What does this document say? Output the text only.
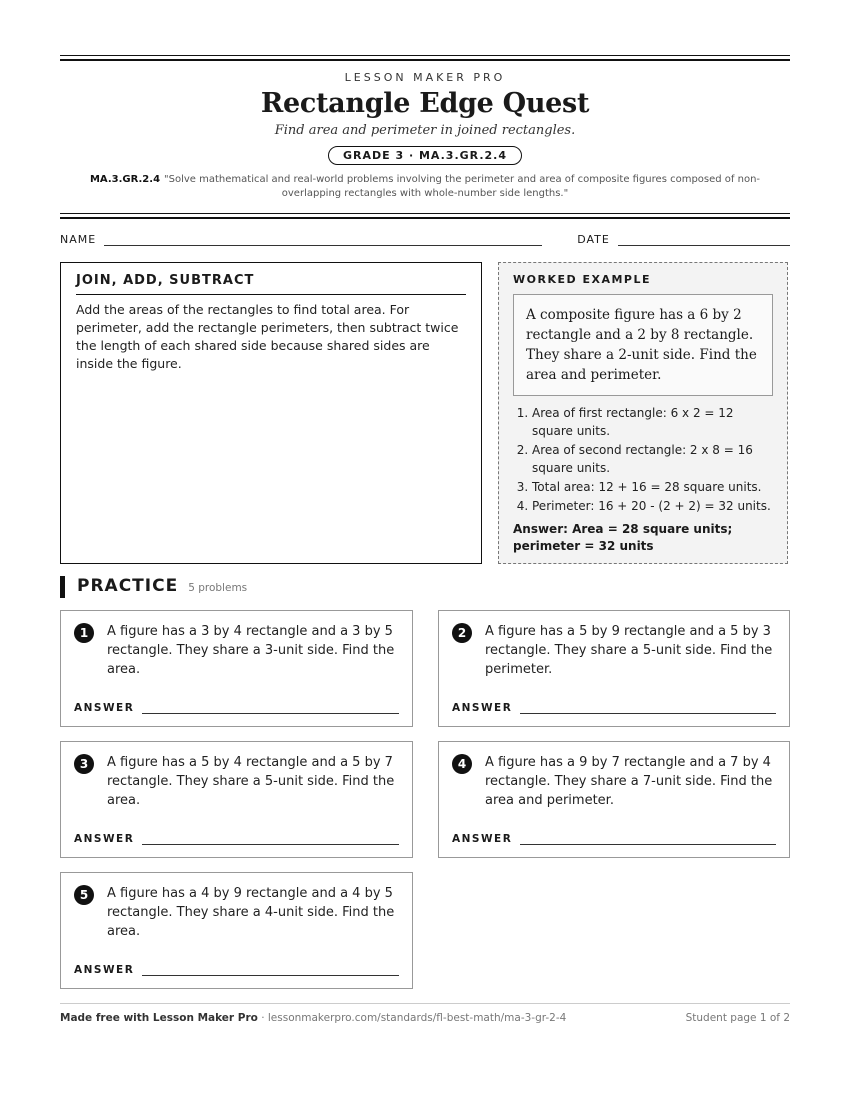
LESSON MAKER PRO
Rectangle Edge Quest
Find area and perimeter in joined rectangles.
GRADE 3 · MA.3.GR.2.4
MA.3.GR.2.4 "Solve mathematical and real-world problems involving the perimeter and area of composite figures composed of non-overlapping rectangles with whole-number side lengths."
NAME	DATE
JOIN, ADD, SUBTRACT

Add the areas of the rectangles to find total area. For perimeter, add the rectangle perimeters, then subtract twice the length of each shared side because shared sides are inside the figure.

WORKED EXAMPLE
A composite figure has a 6 by 2 rectangle and a 2 by 8 rectangle. They share a 2-unit side. Find the area and perimeter.
1. Area of first rectangle: 6 x 2 = 12 square units.
2. Area of second rectangle: 2 x 8 = 16 square units.
3. Total area: 12 + 16 = 28 square units.
4. Perimeter: 16 + 20 - (2 + 2) = 32 units.
Answer: Area = 28 square units; perimeter = 32 units
PRACTICE 5 problems
1	A figure has a 3 by 4 rectangle and a 3 by 5 rectangle. They share a 3-unit side. Find the area.
ANSWER
2	A figure has a 5 by 9 rectangle and a 5 by 3 rectangle. They share a 5-unit side. Find the perimeter.
ANSWER
3	A figure has a 5 by 4 rectangle and a 5 by 7 rectangle. They share a 5-unit side. Find the area.
ANSWER
4	A figure has a 9 by 7 rectangle and a 7 by 4 rectangle. They share a 7-unit side. Find the area and perimeter.
ANSWER
5	A figure has a 4 by 9 rectangle and a 4 by 5 rectangle. They share a 4-unit side. Find the area.
ANSWER
Made free with Lesson Maker Pro · lessonmakerpro.com/standards/fl-best-math/ma-3-gr-2-4	Student page 1 of 2
